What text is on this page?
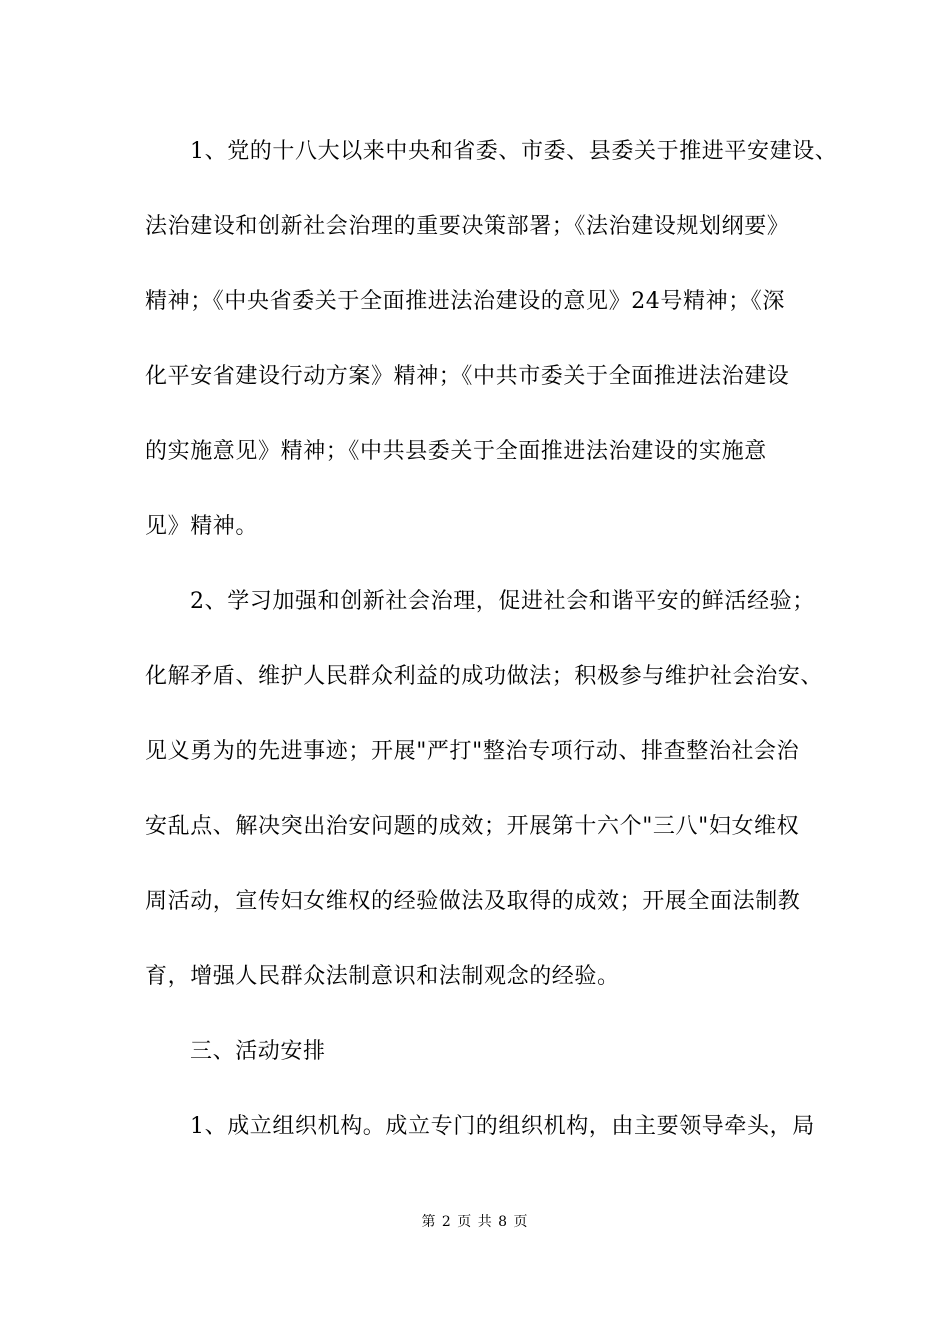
1、党的十八大以来中央和省委、市委、县委关于推进平安建设、
法治建设和创新社会治理的重要决策部署；《法治建设规划纲要》
精神；《中央省委关于全面推进法治建设的意见》24号精神；《深
化平安省建设行动方案》精神；《中共市委关于全面推进法治建设
的实施意见》精神；《中共县委关于全面推进法治建设的实施意
见》精神。
2、学习加强和创新社会治理，促进社会和谐平安的鲜活经验；
化解矛盾、维护人民群众利益的成功做法；积极参与维护社会治安、
见义勇为的先进事迹；开展"严打"整治专项行动、排查整治社会治
安乱点、解决突出治安问题的成效；开展第十六个"三八"妇女维权
周活动，宣传妇女维权的经验做法及取得的成效；开展全面法制教
育，增强人民群众法制意识和法制观念的经验。
三、活动安排
1、成立组织机构。成立专门的组织机构，由主要领导牵头，局
第 2 页 共 8 页
